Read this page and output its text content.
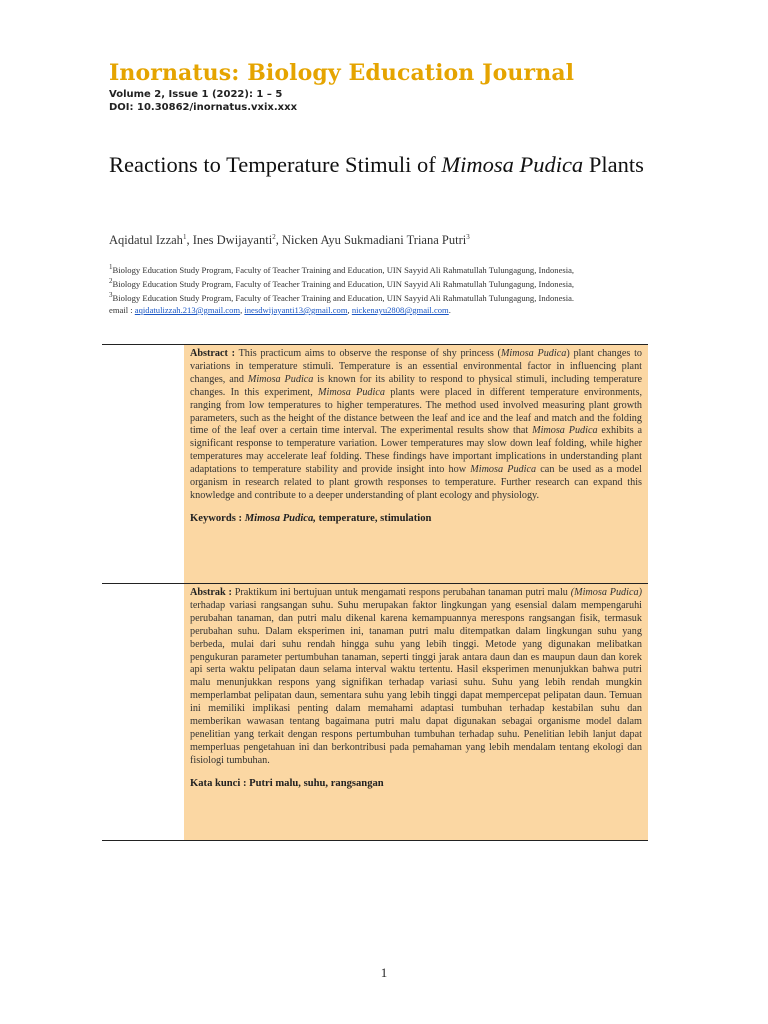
Inornatus: Biology Education Journal
Volume 2, Issue 1 (2022): 1 – 5
DOI: 10.30862/inornatus.vxix.xxx
Reactions to Temperature Stimuli of Mimosa Pudica Plants
Aqidatul Izzah$^1$, Ines Dwijayanti$^2$, Nicken Ayu Sukmadiani Triana Putri$^3$
$^1$Biology Education Study Program, Faculty of Teacher Training and Education, UIN Sayyid Ali Rahmatullah Tulungagung, Indonesia,
$^2$Biology Education Study Program, Faculty of Teacher Training and Education, UIN Sayyid Ali Rahmatullah Tulungagung, Indonesia,
$^3$Biology Education Study Program, Faculty of Teacher Training and Education, UIN Sayyid Ali Rahmatullah Tulungagung, Indonesia.
email : aqidatulizzah.213@gmail.com, inesdwijayanti13@gmail.com, nickenayu2808@gmail.com.
Abstract : This practicum aims to observe the response of shy princess (Mimosa Pudica) plant changes to variations in temperature stimuli. Temperature is an essential environmental factor in influencing plant changes, and Mimosa Pudica is known for its ability to respond to physical stimuli, including temperature changes. In this experiment, Mimosa Pudica plants were placed in different temperature environments, ranging from low temperatures to higher temperatures. The method used involved measuring plant growth parameters, such as the height of the distance between the leaf and ice and the leaf and match and the folding time of the leaf over a certain time interval. The experimental results show that Mimosa Pudica exhibits a significant response to temperature variation. Lower temperatures may slow down leaf folding, while higher temperatures may accelerate leaf folding. These findings have important implications in understanding plant adaptations to temperature stability and provide insight into how Mimosa Pudica can be used as a model organism in research related to plant growth responses to temperature. Further research can expand this knowledge and contribute to a deeper understanding of plant ecology and physiology.
Keywords : Mimosa Pudica, temperature, stimulation
Abstrak : Praktikum ini bertujuan untuk mengamati respons perubahan tanaman putri malu (Mimosa Pudica) terhadap variasi rangsangan suhu. Suhu merupakan faktor lingkungan yang esensial dalam mempengaruhi perubahan tanaman, dan putri malu dikenal karena kemampuannya merespons rangsangan fisik, termasuk perubahan suhu. Dalam eksperimen ini, tanaman putri malu ditempatkan dalam lingkungan suhu yang berbeda, mulai dari suhu rendah hingga suhu yang lebih tinggi. Metode yang digunakan melibatkan pengukuran parameter pertumbuhan tanaman, seperti tinggi jarak antara daun dan es maupun daun dan korek api serta waktu pelipatan daun selama interval waktu tertentu. Hasil eksperimen menunjukkan bahwa putri malu menunjukkan respons yang signifikan terhadap variasi suhu. Suhu yang lebih rendah mungkin memperlambat pelipatan daun, sementara suhu yang lebih tinggi dapat mempercepat pelipatan daun. Temuan ini memiliki implikasi penting dalam memahami adaptasi tumbuhan terhadap kestabilan suhu dan memberikan wawasan tentang bagaimana putri malu dapat digunakan sebagai organisme model dalam penelitian yang terkait dengan respons pertumbuhan tumbuhan terhadap suhu. Penelitian lebih lanjut dapat memperluas pengetahuan ini dan berkontribusi pada pemahaman yang lebih mendalam tentang ekologi dan fisiologi tumbuhan.
Kata kunci : Putri malu, suhu, rangsangan
1
